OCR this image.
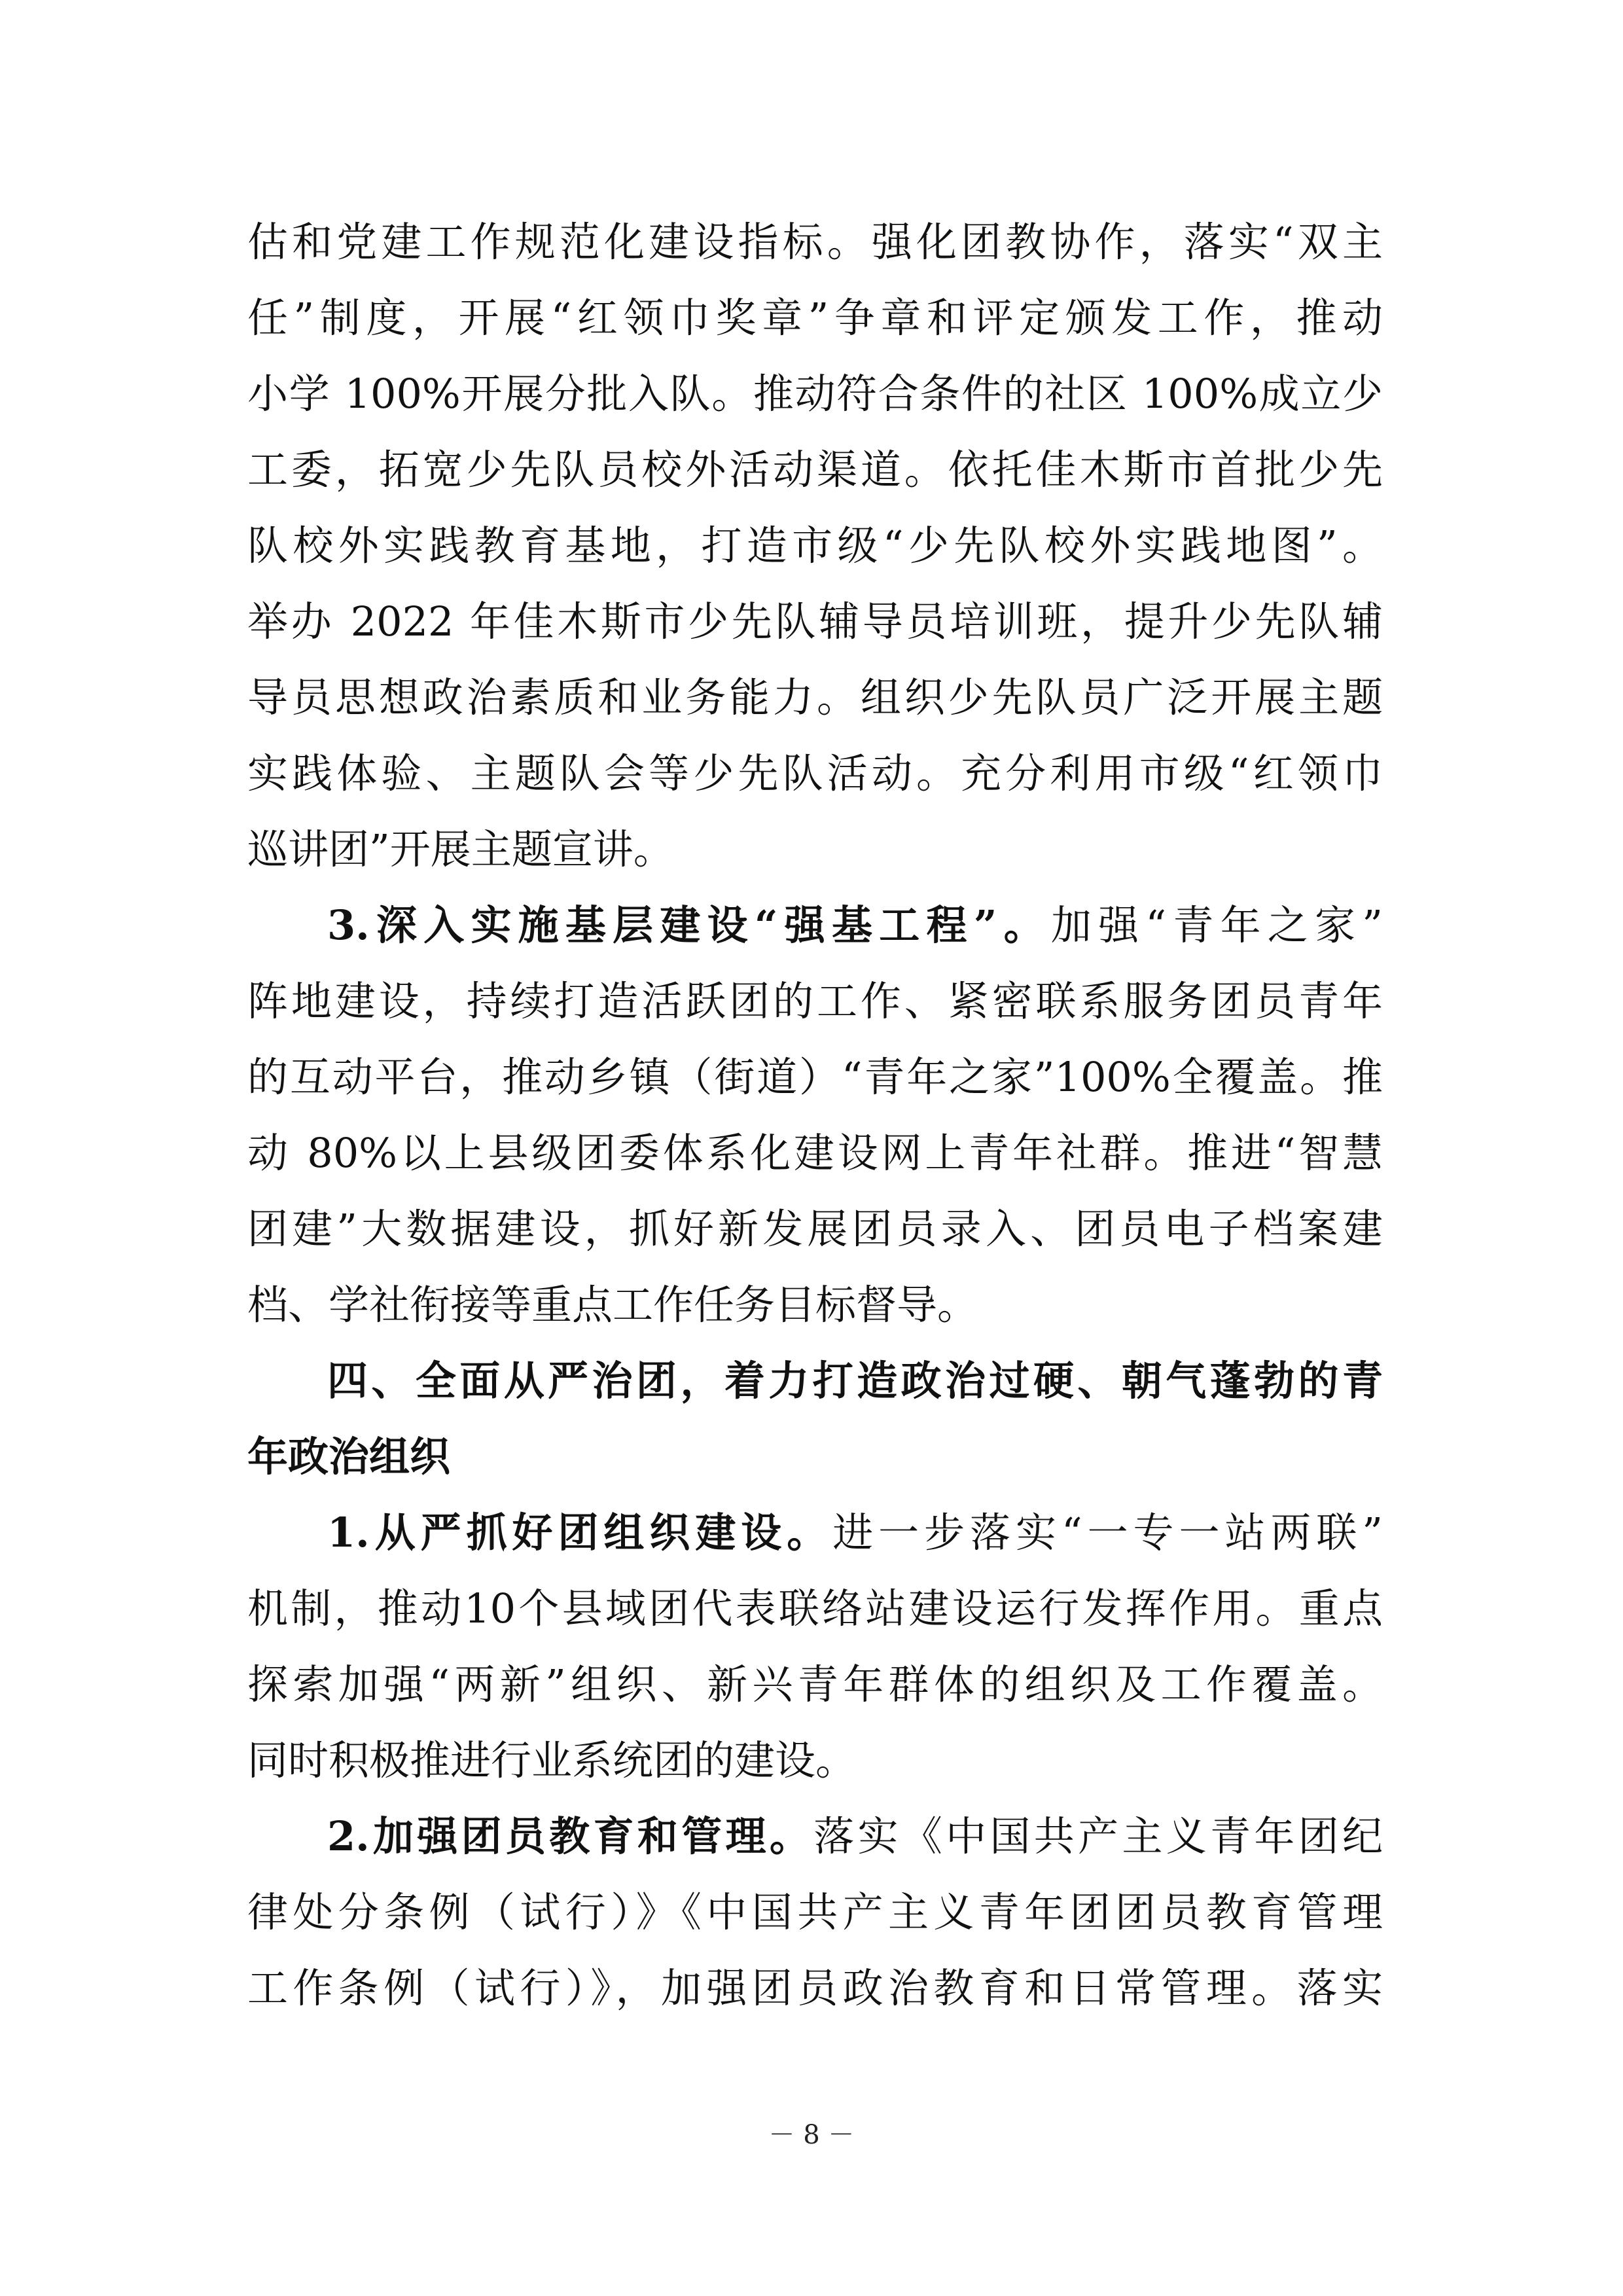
估和党建工作规范化建设指标。强化团教协作，落实“双主
任”制度，开展“红领巾奖章”争章和评定颁发工作，推动
小学 100%开展分批入队。推动符合条件的社区 100%成立少
工委，拓宽少先队员校外活动渠道。依托佳木斯市首批少先
队校外实践教育基地，打造市级“少先队校外实践地图”。
举办 2022 年佳木斯市少先队辅导员培训班，提升少先队辅
导员思想政治素质和业务能力。组织少先队员广泛开展主题
实践体验、主题队会等少先队活动。充分利用市级“红领巾
巡讲团”开展主题宣讲。
3.深入实施基层建设“强基工程”。加强“青年之家”
阵地建设，持续打造活跃团的工作、紧密联系服务团员青年
的互动平台，推动乡镇（街道）“青年之家”100%全覆盖。推
动 80%以上县级团委体系化建设网上青年社群。推进“智慧
团建”大数据建设，抓好新发展团员录入、团员电子档案建
档、学社衔接等重点工作任务目标督导。
四、全面从严治团，着力打造政治过硬、朝气蓬勃的青
年政治组织
1.从严抓好团组织建设。进一步落实“一专一站两联”
机制，推动10个县域团代表联络站建设运行发挥作用。重点
探索加强“两新”组织、新兴青年群体的组织及工作覆盖。
同时积极推进行业系统团的建设。
2.加强团员教育和管理。落实《中国共产主义青年团纪
律处分条例（试行）》《中国共产主义青年团团员教育管理
工作条例（试行）》，加强团员政治教育和日常管理。落实
－ 8 －
